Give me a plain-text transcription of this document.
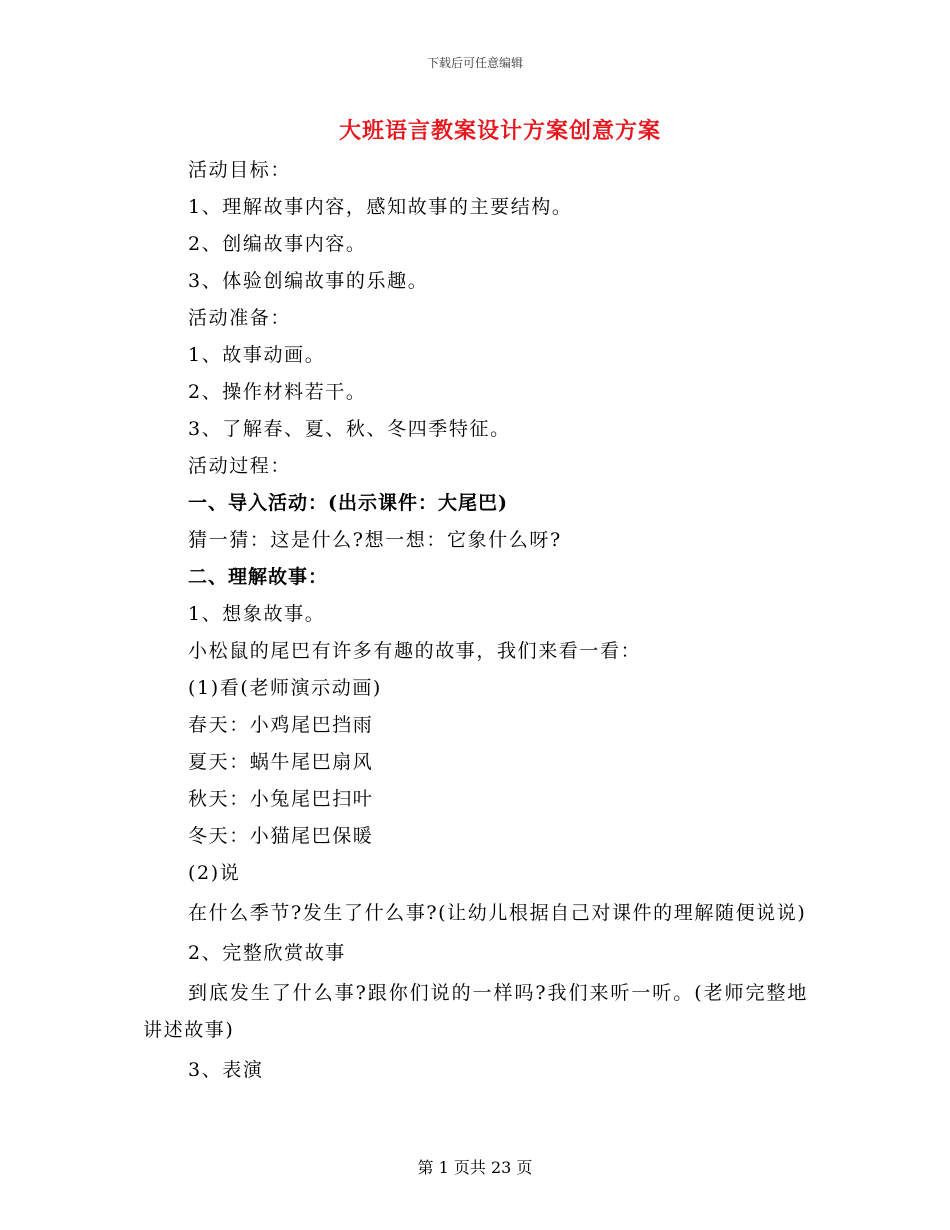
下载后可任意编辑
大班语言教案设计方案创意方案
活动目标：
1、理解故事内容，感知故事的主要结构。
2、创编故事内容。
3、体验创编故事的乐趣。
活动准备：
1、故事动画。
2、操作材料若干。
3、了解春、夏、秋、冬四季特征。
活动过程：
一、导入活动：(出示课件：大尾巴)
猜一猜：这是什么?想一想：它象什么呀?
二、理解故事：
1、想象故事。
小松鼠的尾巴有许多有趣的故事，我们来看一看：
(1)看(老师演示动画)
春天：小鸡尾巴挡雨
夏天：蜗牛尾巴扇风
秋天：小兔尾巴扫叶
冬天：小猫尾巴保暖
(2)说
在什么季节?发生了什么事?(让幼儿根据自己对课件的理解随便说说)
2、完整欣赏故事
到底发生了什么事?跟你们说的一样吗?我们来听一听。(老师完整地讲述故事)
3、表演
第 1 页共 23 页
